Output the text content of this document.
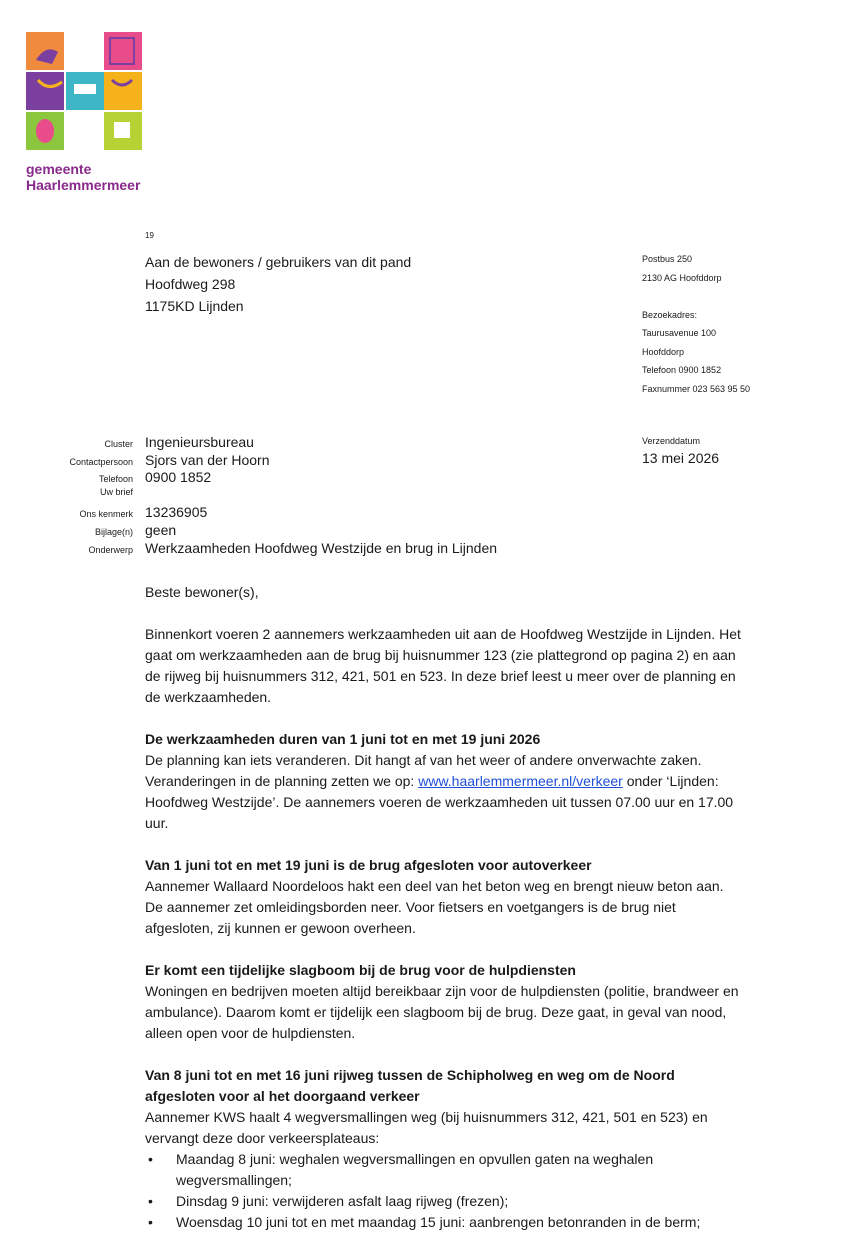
gemeente
Haarlemmermeer
19
Aan de bewoners / gebruikers van dit pand
Hoofdweg 298
1175KD Lijnden
Postbus 250
2130 AG Hoofddorp
Bezoekadres:
Taurusavenue 100
Hoofddorp
Telefoon 0900 1852
Faxnummer 023 563 95 50
Cluster Ingenieursbureau
Contactpersoon Sjors van der Hoorn
Telefoon 0900 1852
Uw brief
Ons kenmerk 13236905
Bijlage(n) geen
Onderwerp Werkzaamheden Hoofdweg Westzijde en brug in Lijnden
Verzenddatum
13 mei 2026

Beste bewoner(s),

Binnenkort voeren 2 aannemers werkzaamheden uit aan de Hoofdweg Westzijde in Lijnden. Het gaat om werkzaamheden aan de brug bij huisnummer 123 (zie plattegrond op pagina 2) en aan de rijweg bij huisnummers 312, 421, 501 en 523. In deze brief leest u meer over de planning en de werkzaamheden.

De werkzaamheden duren van 1 juni tot en met 19 juni 2026

De planning kan iets veranderen. Dit hangt af van het weer of andere onverwachte zaken. Veranderingen in de planning zetten we op: www.haarlemmermeer.nl/verkeer onder ‘Lijnden: Hoofdweg Westzijde’. De aannemers voeren de werkzaamheden uit tussen 07.00 uur en 17.00 uur.

Van 1 juni tot en met 19 juni is de brug afgesloten voor autoverkeer

Aannemer Wallaard Noordeloos hakt een deel van het beton weg en brengt nieuw beton aan. De aannemer zet omleidingsborden neer. Voor fietsers en voetgangers is de brug niet afgesloten, zij kunnen er gewoon overheen.

Er komt een tijdelijke slagboom bij de brug voor de hulpdiensten

Woningen en bedrijven moeten altijd bereikbaar zijn voor de hulpdiensten (politie, brandweer en ambulance). Daarom komt er tijdelijk een slagboom bij de brug. Deze gaat, in geval van nood, alleen open voor de hulpdiensten.

Van 8 juni tot en met 16 juni rijweg tussen de Schipholweg en weg om de Noord afgesloten voor al het doorgaand verkeer

Aannemer KWS haalt 4 wegversmallingen weg (bij huisnummers 312, 421, 501 en 523) en vervangt deze door verkeersplateaus:

• Maandag 8 juni: weghalen wegversmallingen en opvullen gaten na weghalen wegversmallingen;
• Dinsdag 9 juni: verwijderen asfalt laag rijweg (frezen);
• Woensdag 10 juni tot en met maandag 15 juni: aanbrengen betonranden in de berm;
